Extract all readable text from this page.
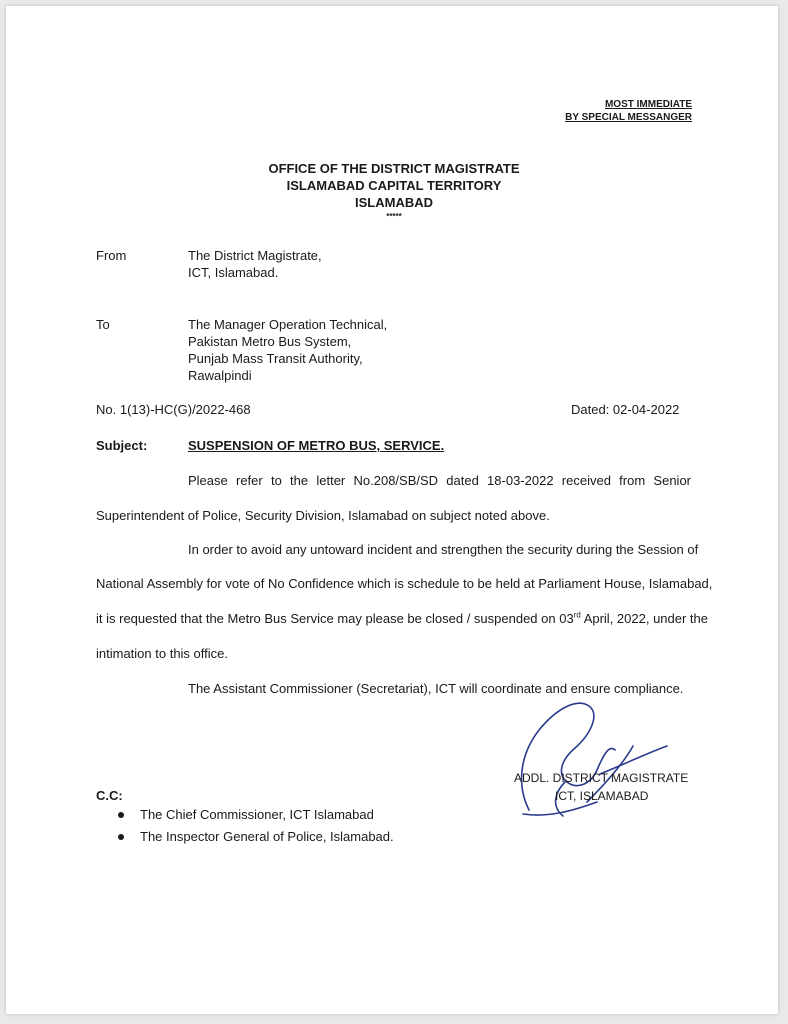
MOST IMMEDIATE
BY SPECIAL MESSANGER
OFFICE OF THE DISTRICT MAGISTRATE
ISLAMABAD CAPITAL TERRITORY
ISLAMABAD
*****
From	The District Magistrate,
ICT, Islamabad.
To	The Manager Operation Technical,
Pakistan Metro Bus System,
Punjab Mass Transit Authority,
Rawalpindi
No. 1(13)-HC(G)/2022-468	Dated: 02-04-2022
Subject:	SUSPENSION OF METRO BUS, SERVICE.
Please refer to the letter No.208/SB/SD dated 18-03-2022 received from Senior
Superintendent of Police, Security Division, Islamabad on subject noted above.
In order to avoid any untoward incident and strengthen the security during the Session of
National Assembly for vote of No Confidence which is schedule to be held at Parliament House, Islamabad,
it is requested that the Metro Bus Service may please be closed / suspended on 03rd April, 2022, under the
intimation to this office.
The Assistant Commissioner (Secretariat), ICT will coordinate and ensure compliance.
ADDL. DISTRICT MAGISTRATE
ICT, ISLAMABAD
C.C:
The Chief Commissioner, ICT Islamabad
The Inspector General of Police, Islamabad.
